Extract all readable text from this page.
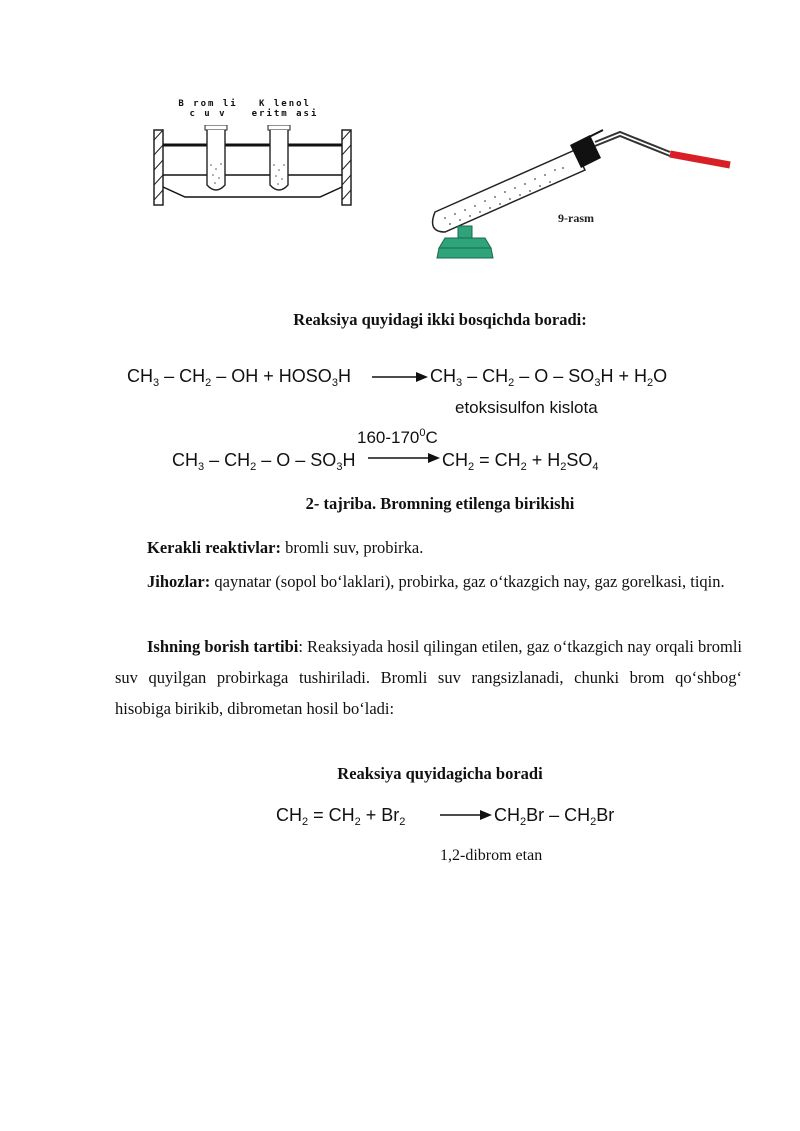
B rom li
c u v
K lenol
eritm asi
9-rasm
Reaksiya quyidagi ikki bosqichda boradi:
$CH_3 - CH_2$ – OH + $HOSO_3H$	$CH_3 - CH_2 - O - SO_3H + H_2O$
etoksisulfon kislota
$160-170^0C$
$CH_3 - CH_2$ – O – $SO_3H$	$CH_2 = CH_2 + H_2SO_4$
2- tajriba. Bromning etilenga birikishi
Kerakli reaktivlar: bromli suv, probirka.
Jihozlar: qaynatar (sopol bo‘laklari), probirka, gaz o‘tkazgich nay, gaz gorelkasi, tiqin.
Ishning borish tartibi: Reaksiyada hosil qilingan etilen, gaz o‘tkazgich nay orqali bromli suv quyilgan probirkaga tushiriladi. Bromli suv rangsizlanadi, chunki brom qo‘shbog‘ hisobiga birikib, dibrometan hosil bo‘ladi:
Reaksiya quyidagicha boradi
$CH_2 = CH_2 + Br_2$	$CH_2Br - CH_2Br$
1,2-dibrom etan
